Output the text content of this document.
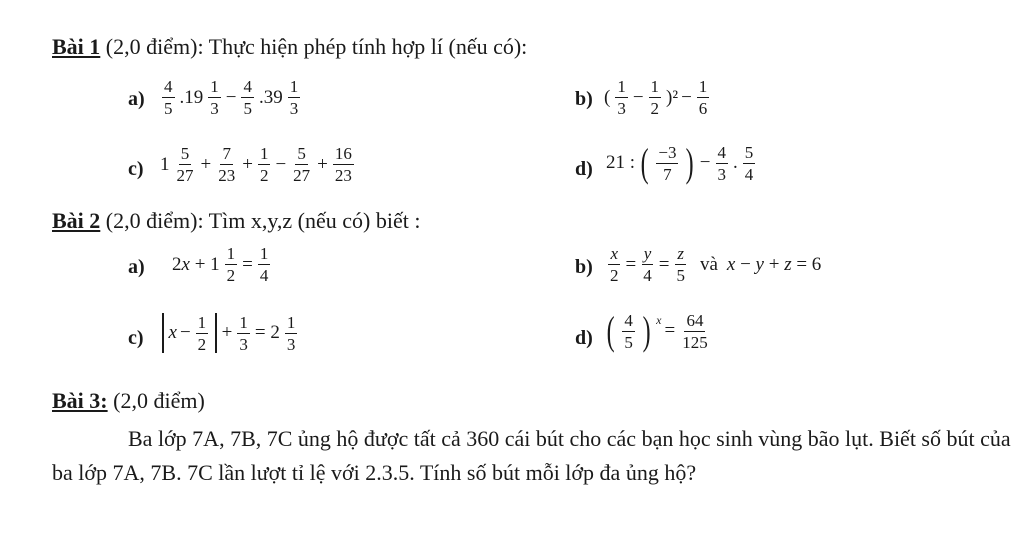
Bài 1 (2,0 điểm): Thực hiện phép tính hợp lí (nếu có):
$a) \frac{4}{5} .19 \frac{1}{3} - \frac{4}{5} .39 \frac{1}{3}$	b) ( $\frac{1}{3} - \frac{1}{2} )^2 - \frac{1}{6}$
c) $1 \frac{5}{27} + \frac{7}{23} + \frac{1}{2} - \frac{5}{27} + \frac{16}{23}$	d) 21 : ( $\frac{-3}{7}$ ) − $\frac{4}{3}$ . $\frac{5}{4}$
Bài 2 (2,0 điểm): Tìm x,y,z (nếu có) biết :
a) $2x + 1 \frac{1}{2} = \frac{1}{4}$	$b) \frac{x}{2} = \frac{y}{4} = \frac{z}{5}$ và x − y + z = 6
c) $x - \frac{1}{2} + \frac{1}{3} = 2 \frac{1}{3}$	d) ( $\frac{4}{5}$ ) $x = \frac{64}{125}$
Bài 3: (2,0 điểm)
Ba lớp 7A, 7B, 7C ủng hộ được tất cả 360 cái bút cho các bạn học sinh vùng bão lụt. Biết số bút của ba lớp 7A, 7B. 7C lần lượt tỉ lệ với 2.3.5. Tính số bút mỗi lớp đa ủng hộ?
